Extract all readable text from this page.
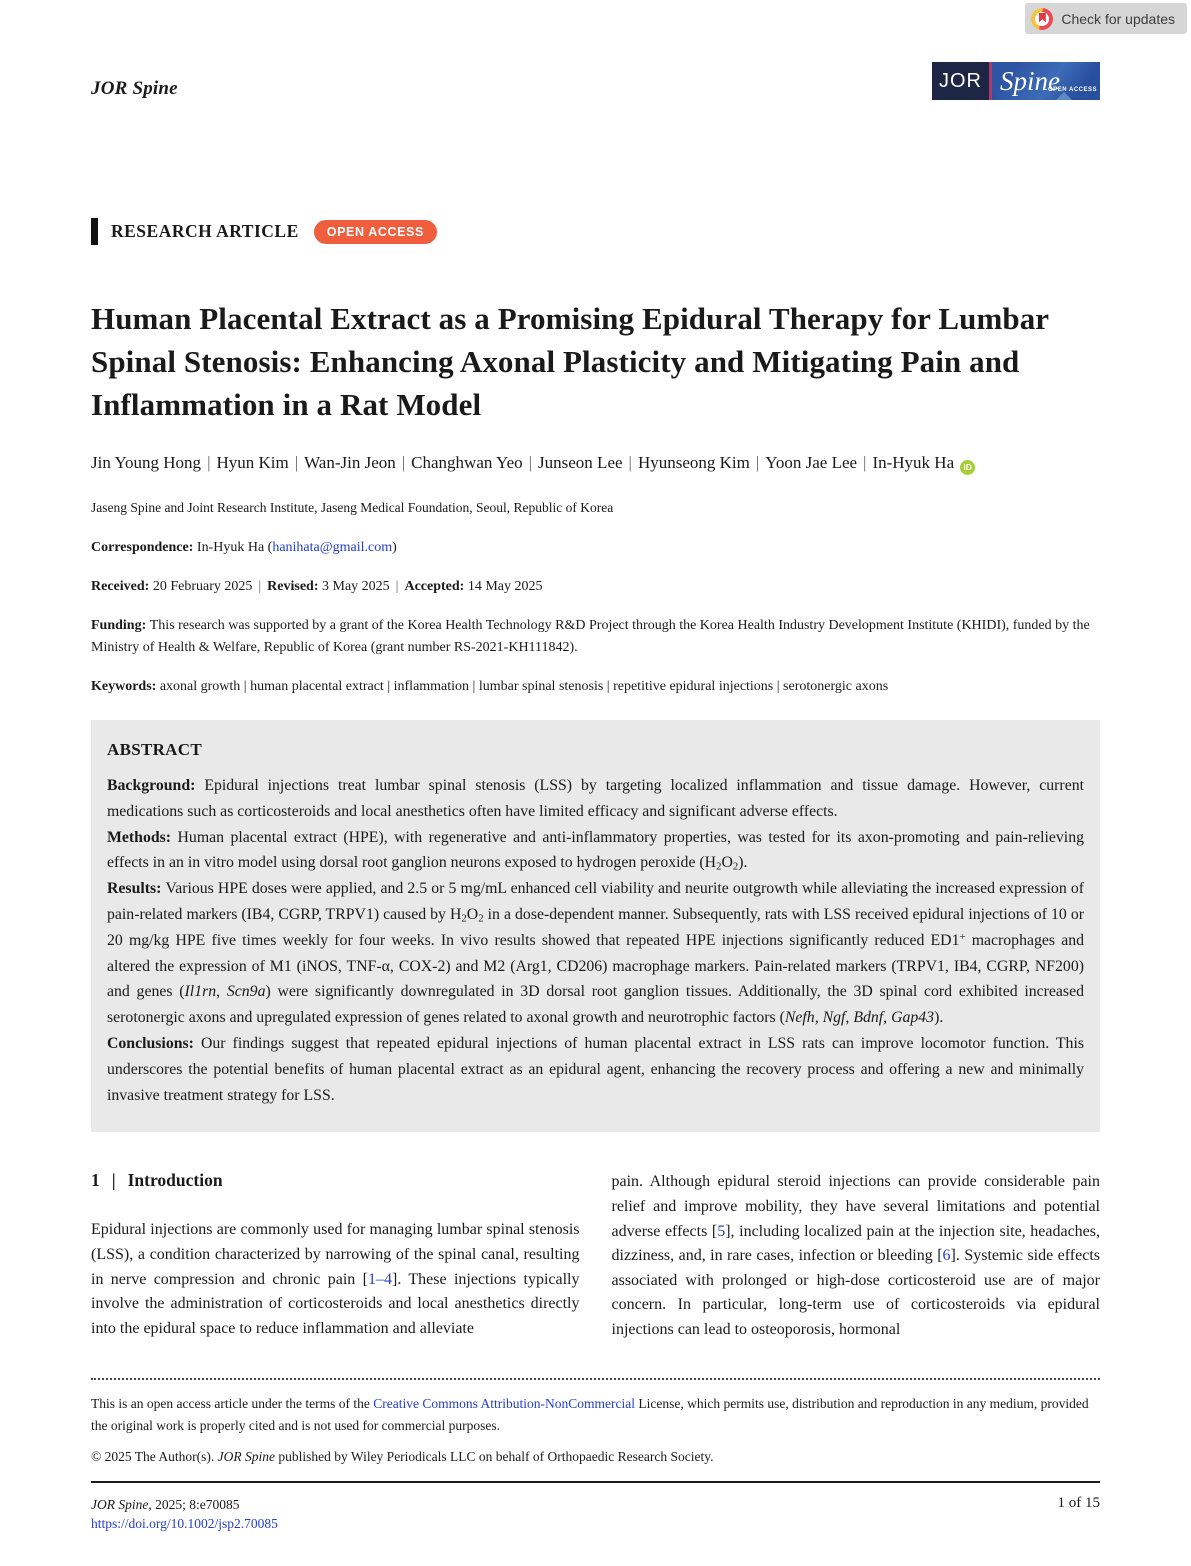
Check for updates
JOR Spine	JOR Spine
OPEN ACCESS
RESEARCH ARTICLE	OPEN ACCESS
Human Placental Extract as a Promising Epidural Therapy for Lumbar Spinal Stenosis: Enhancing Axonal Plasticity and Mitigating Pain and Inflammation in a Rat Model
Jin Young Hong | Hyun Kim | Wan-Jin Jeon | Changhwan Yeo | Junseon Lee | Hyunseong Kim | Yoon Jae Lee | In-Hyuk Ha iD
Jaseng Spine and Joint Research Institute, Jaseng Medical Foundation, Seoul, Republic of Korea
Correspondence: In-Hyuk Ha (hanihata@gmail.com)
Received: 20 February 2025 | Revised: 3 May 2025 | Accepted: 14 May 2025
Funding: This research was supported by a grant of the Korea Health Technology R&D Project through the Korea Health Industry Development Institute (KHIDI), funded by the Ministry of Health & Welfare, Republic of Korea (grant number RS-2021-KH111842).
Keywords: axonal growth | human placental extract | inflammation | lumbar spinal stenosis | repetitive epidural injections | serotonergic axons
ABSTRACT

Background: Epidural injections treat lumbar spinal stenosis (LSS) by targeting localized inflammation and tissue damage. However, current medications such as corticosteroids and local anesthetics often have limited efficacy and significant adverse effects.

Methods: Human placental extract (HPE), with regenerative and anti-inflammatory properties, was tested for its axon-promoting and pain-relieving effects in an in vitro model using dorsal root ganglion neurons exposed to hydrogen peroxide (H2O2).

Results: Various HPE doses were applied, and 2.5 or 5 mg/mL enhanced cell viability and neurite outgrowth while alleviating the increased expression of pain-related markers (IB4, CGRP, TRPV1) caused by H2O2 in a dose-dependent manner. Subsequently, rats with LSS received epidural injections of 10 or 20 mg/kg HPE five times weekly for four weeks. In vivo results showed that repeated HPE injections significantly reduced ED1+ macrophages and altered the expression of M1 (iNOS, TNF-α, COX-2) and M2 (Arg1, CD206) macrophage markers. Pain-related markers (TRPV1, IB4, CGRP, NF200) and genes (Il1rn, Scn9a) were significantly downregulated in 3D dorsal root ganglion tissues. Additionally, the 3D spinal cord exhibited increased serotonergic axons and upregulated expression of genes related to axonal growth and neurotrophic factors (Nefh, Ngf, Bdnf, Gap43).

Conclusions: Our findings suggest that repeated epidural injections of human placental extract in LSS rats can improve locomotor function. This underscores the potential benefits of human placental extract as an epidural agent, enhancing the recovery process and offering a new and minimally invasive treatment strategy for LSS.

1 | Introduction

Epidural injections are commonly used for managing lumbar spinal stenosis (LSS), a condition characterized by narrowing of the spinal canal, resulting in nerve compression and chronic pain [1–4]. These injections typically involve the administration of corticosteroids and local anesthetics directly into the epidural space to reduce inflammation and alleviate

pain. Although epidural steroid injections can provide considerable pain relief and improve mobility, they have several limitations and potential adverse effects [5], including localized pain at the injection site, headaches, dizziness, and, in rare cases, infection or bleeding [6]. Systemic side effects associated with prolonged or high-dose corticosteroid use are of major concern. In particular, long-term use of corticosteroids via epidural injections can lead to osteoporosis, hormonal

This is an open access article under the terms of the Creative Commons Attribution-NonCommercial License, which permits use, distribution and reproduction in any medium, provided the original work is properly cited and is not used for commercial purposes.
© 2025 The Author(s). JOR Spine published by Wiley Periodicals LLC on behalf of Orthopaedic Research Society.
JOR Spine, 2025; 8:e70085
https://doi.org/10.1002/jsp2.70085
1 of 15
